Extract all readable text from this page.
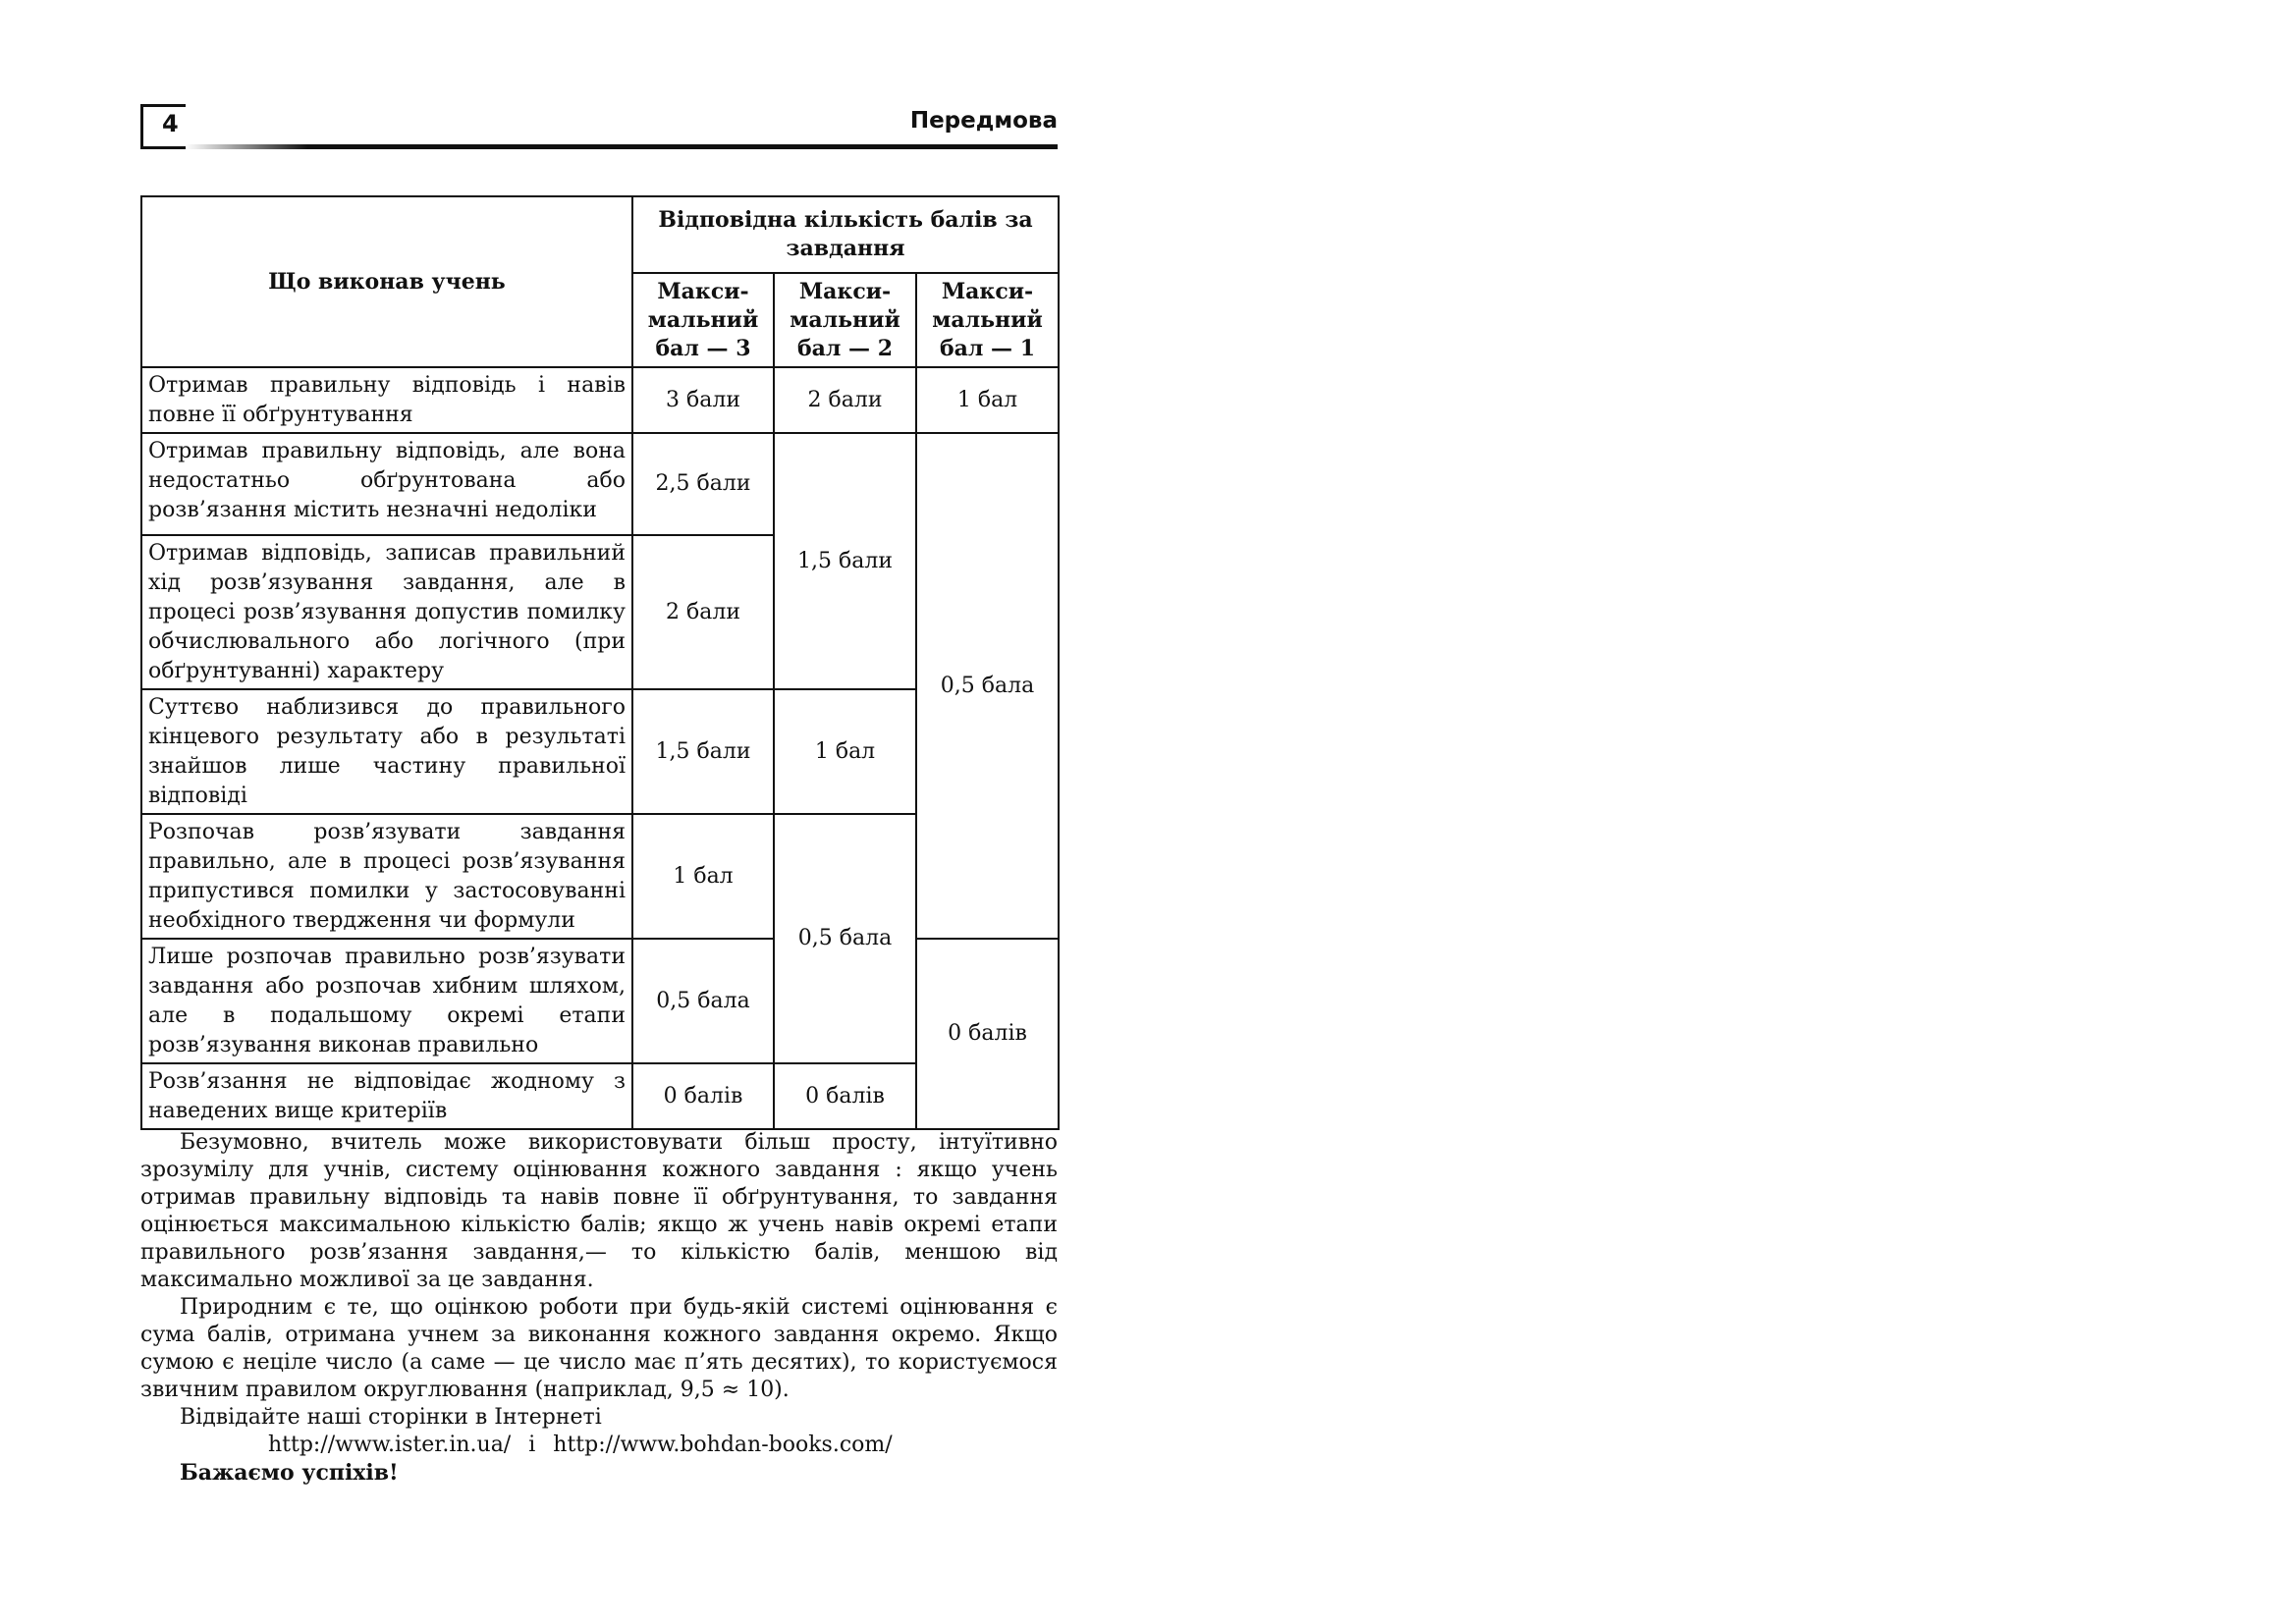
4	Передмова
Що виконав учень	Відповідна кількість балів за завдання		
	Макси-мальний бал — 3	Макси-мальний бал — 2	Макси-мальний бал — 1
Отримав правильну відповідь і навів повне її обґрунтування	3 бали	2 бали	1 бал
Отримав правильну відповідь, але вона недостатньо обґрунтована або розв’язання містить незначні недоліки	2,5 бали	1,5 бали	0,5 бала
Отримав відповідь, записав правильний хід розв’язування завдання, але в процесі розв’язування допустив помилку обчислювального або логічного (при обґрунтуванні) характеру	2 бали		
Суттєво наблизився до правильного кінцевого результату або в результаті знайшов лише частину правильної відповіді	1,5 бали	1 бал	
Розпочав розв’язувати завдання правильно, але в процесі розв’язування припустився помилки у застосовуванні необхідного твердження чи формули	1 бал	0,5 бала	
Лише розпочав правильно розв’язувати завдання або розпочав хибним шляхом, але в подальшому окремі етапи розв’язування виконав правильно	0,5 бала		0 балів
Розв’язання не відповідає жодному з наведених вище критеріїв	0 балів	0 балів	

Безумовно, вчитель може використовувати більш просту, інтуїтивно зрозумілу для учнів, систему оцінювання кожного завдання : якщо учень отримав правильну відповідь та навів повне її обґрунтування, то завдання оцінюється максимальною кількістю балів; якщо ж учень навів окремі етапи правильного розв’язання завдання,— то кількістю балів, меншою від максимально можливої за це завдання.

Природним є те, що оцінкою роботи при будь-якій системі оцінювання є сума балів, отримана учнем за виконання кожного завдання окремо. Якщо сумою є неціле число (а саме — це число має п’ять десятих), то користуємося звичним правилом округлювання (наприклад, 9,5 ≈ 10).

Відвідайте наші сторінки в Інтернеті

http://www.ister.in.ua/ і http://www.bohdan-books.com/

Бажаємо успіхів!
